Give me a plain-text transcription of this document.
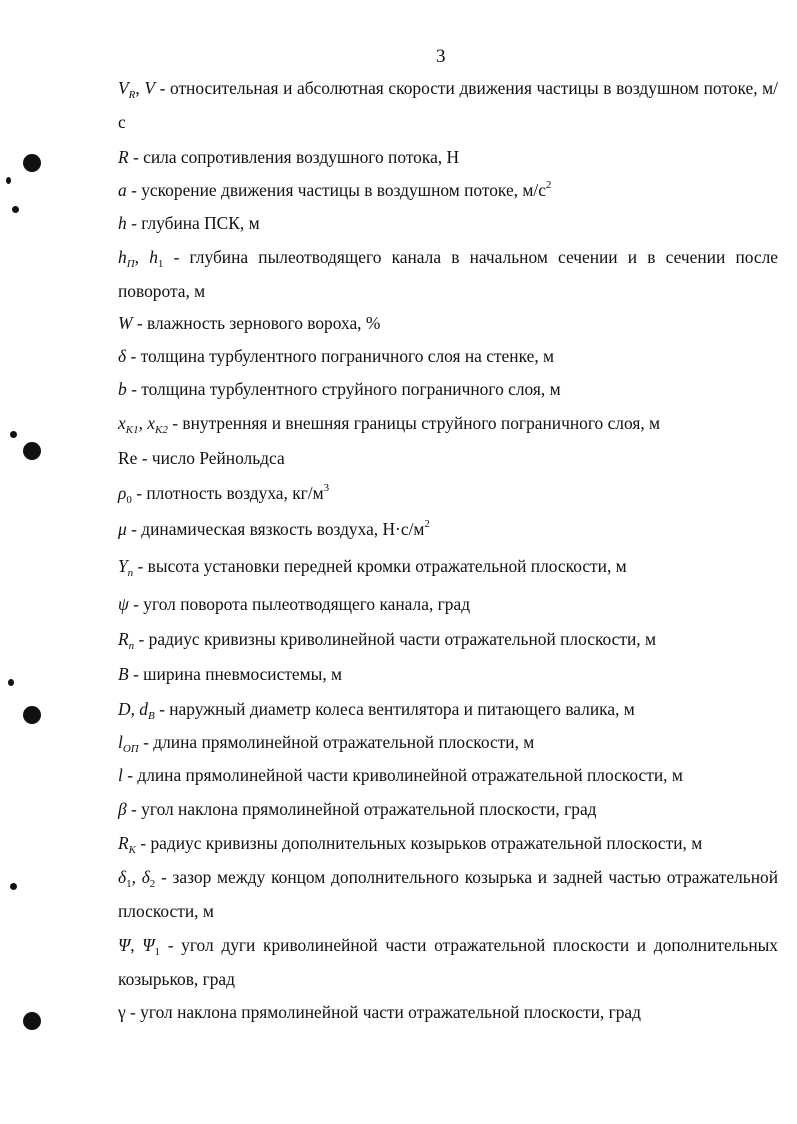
3
$V_R$, V - относительная и абсолютная скорости движения частицы в воздушном потоке, м/с
R - сила сопротивления воздушного потока, Н
a - ускорение движения частицы в воздушном потоке, $м/с^2$
h - глубина ПСК, м
$h_П$, $h_1$ - глубина пылеотводящего канала в начальном сечении и в сечении после поворота, м
W - влажность зернового вороха, %
δ - толщина турбулентного пограничного слоя на стенке, м
b - толщина турбулентного струйного пограничного слоя, м
$x_{K1}$, $x_{K2}$ - внутренняя и внешняя границы струйного пограничного слоя, м
Re - число Рейнольдса
$\rho_0$ - плотность воздуха, $кг/м^3$
μ - динамическая вязкость воздуха, $Н\cdot с/м^2$
$Y_п$ - высота установки передней кромки отражательной плоскости, м
ψ - угол поворота пылеотводящего канала, град
$R_п$ - радиус кривизны криволинейной части отражательной плоскости, м
B - ширина пневмосистемы, м
D, $d_B$ - наружный диаметр колеса вентилятора и питающего валика, м
$l_{ОП}$ - длина прямолинейной отражательной плоскости, м
l - длина прямолинейной части криволинейной отражательной плоскости, м
β - угол наклона прямолинейной отражательной плоскости, град
$R_K$ - радиус кривизны дополнительных козырьков отражательной плоскости, м
$\delta_1$, $\delta_2$ - зазор между концом дополнительного козырька и задней частью отражательной плоскости, м
Ψ, $\Psi_1$ - угол дуги криволинейной части отражательной плоскости и дополнительных козырьков, град
γ - угол наклона прямолинейной части отражательной плоскости, град
